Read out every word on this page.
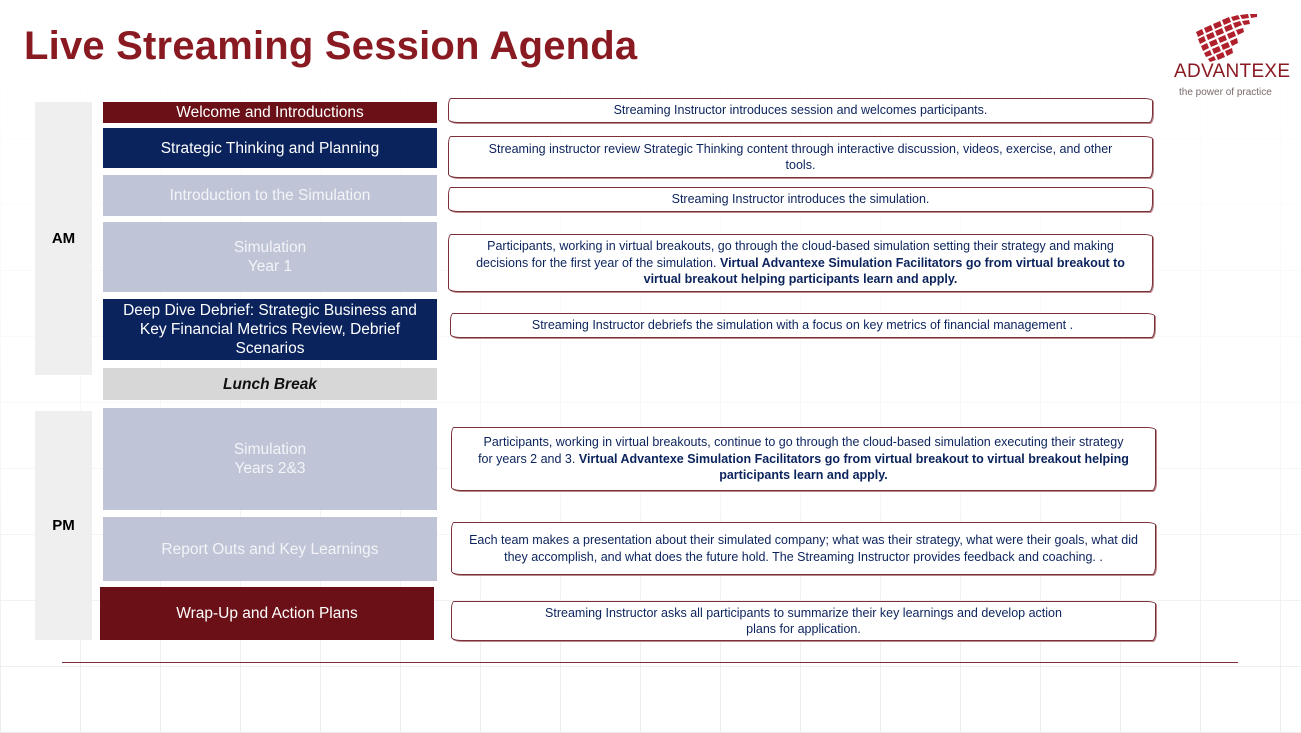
Live Streaming Session Agenda
ADVANTEXE
the power of practice
AM
PM
Welcome and Introductions
Strategic Thinking and Planning
Introduction to the Simulation
Simulation
Year 1
Deep Dive Debrief: Strategic Business and
Key Financial Metrics Review, Debrief
Scenarios
Lunch Break
Simulation
Years 2&3
Report Outs and Key Learnings
Wrap-Up and Action Plans
Streaming Instructor introduces session and welcomes participants.
Streaming instructor review Strategic Thinking content through interactive discussion, videos, exercise, and other tools.
Streaming Instructor introduces the simulation.
Participants, working in virtual breakouts, go through the cloud-based simulation setting their strategy and making decisions for the first year of the simulation. Virtual Advantexe Simulation Facilitators go from virtual breakout to virtual breakout helping participants learn and apply.
Streaming Instructor debriefs the simulation with a focus on key metrics of financial management .
Participants, working in virtual breakouts, continue to go through the cloud-based simulation executing their strategy for years 2 and 3. Virtual Advantexe Simulation Facilitators go from virtual breakout to virtual breakout helping participants learn and apply.
Each team makes a presentation about their simulated company; what was their strategy, what were their goals, what did they accomplish, and what does the future hold. The Streaming Instructor provides feedback and coaching. .
Streaming Instructor asks all participants to summarize their key learnings and develop action plans for application.
